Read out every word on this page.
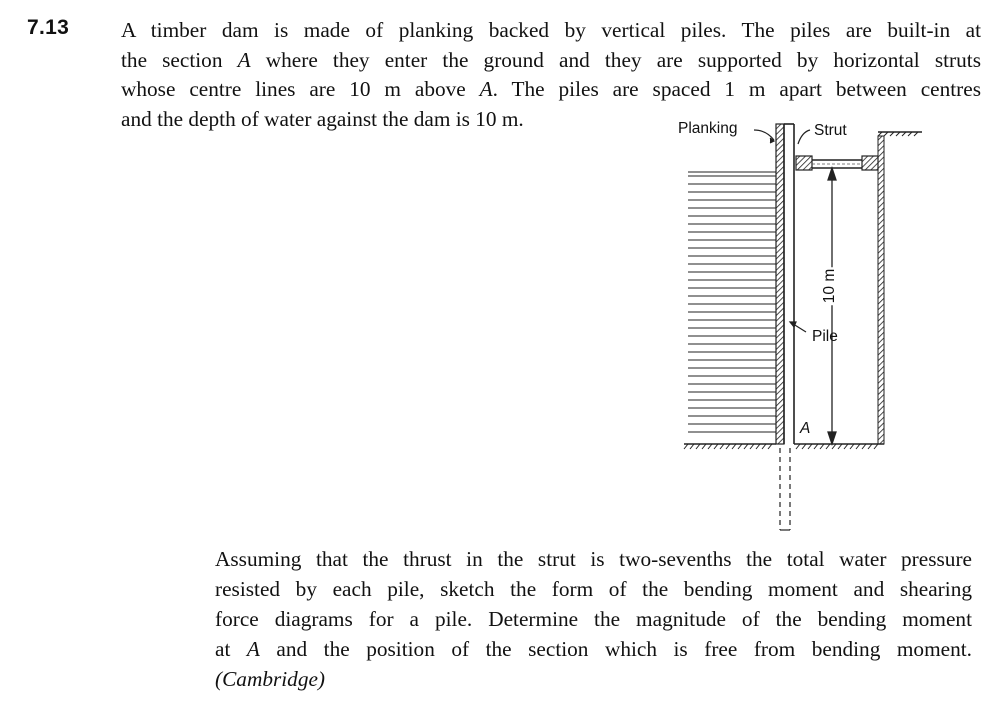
7.13 A timber dam is made of planking backed by vertical piles. The piles are built-in at
the section A where they enter the ground and they are supported by horizontal struts
whose centre lines are 10 m above A. The piles are spaced 1 m apart between centres
and the depth of water against the dam is 10 m.	Planking	Strut
Pile
A
10 m
Assuming that the thrust in the strut is two-sevenths the total water pressure
resisted by each pile, sketch the form of the bending moment and shearing
force diagrams for a pile. Determine the magnitude of the bending moment
at A and the position of the section which is free from bending moment.
(Cambridge)
